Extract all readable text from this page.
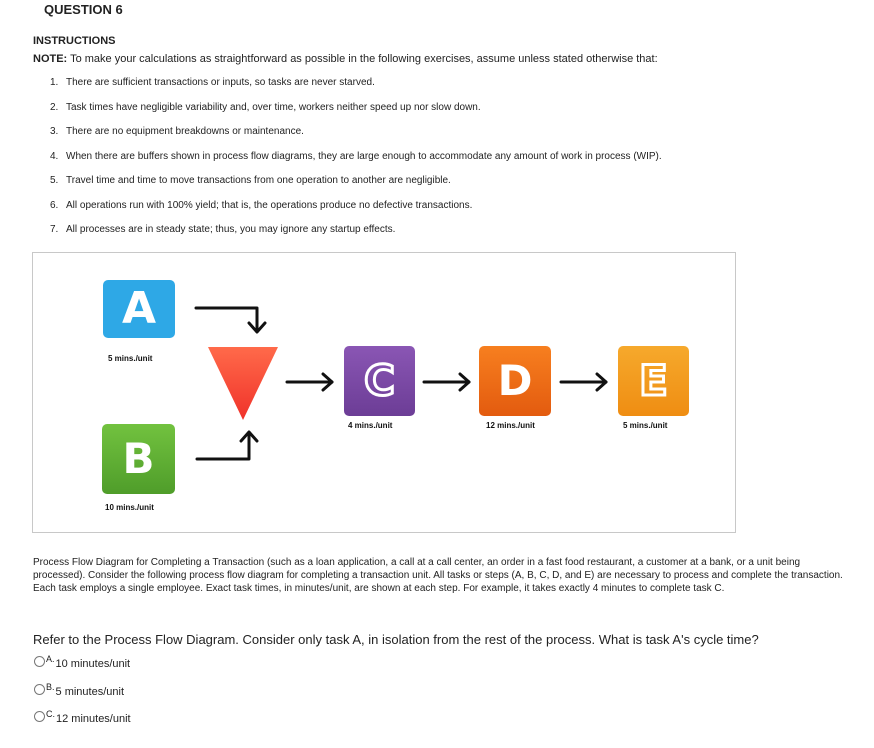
QUESTION 6
INSTRUCTIONS
NOTE: To make your calculations as straightforward as possible in the following exercises, assume unless stated otherwise that:
1. There are sufficient transactions or inputs, so tasks are never starved.
2. Task times have negligible variability and, over time, workers neither speed up nor slow down.
3. There are no equipment breakdowns or maintenance.
4. When there are buffers shown in process flow diagrams, they are large enough to accommodate any amount of work in process (WIP).
5. Travel time and time to move transactions from one operation to another are negligible.
6. All operations run with 100% yield; that is, the operations produce no defective transactions.
7. All processes are in steady state; thus, you may ignore any startup effects.
A
5 mins./unit
B
10 mins./unit
C
4 mins./unit
D
12 mins./unit
E
5 mins./unit

Process Flow Diagram for Completing a Transaction (such as a loan application, a call at a call center, an order in a fast food restaurant, a customer at a bank, or a unit being processed). Consider the following process flow diagram for completing a transaction unit. All tasks or steps (A, B, C, D, and E) are necessary to process and complete the transaction. Each task employs a single employee. Exact task times, in minutes/unit, are shown at each step. For example, it takes exactly 4 minutes to complete task C.

Refer to the Process Flow Diagram. Consider only task A, in isolation from the rest of the process. What is task A's cycle time?
A. 10 minutes/unit
B. 5 minutes/unit
C. 12 minutes/unit
